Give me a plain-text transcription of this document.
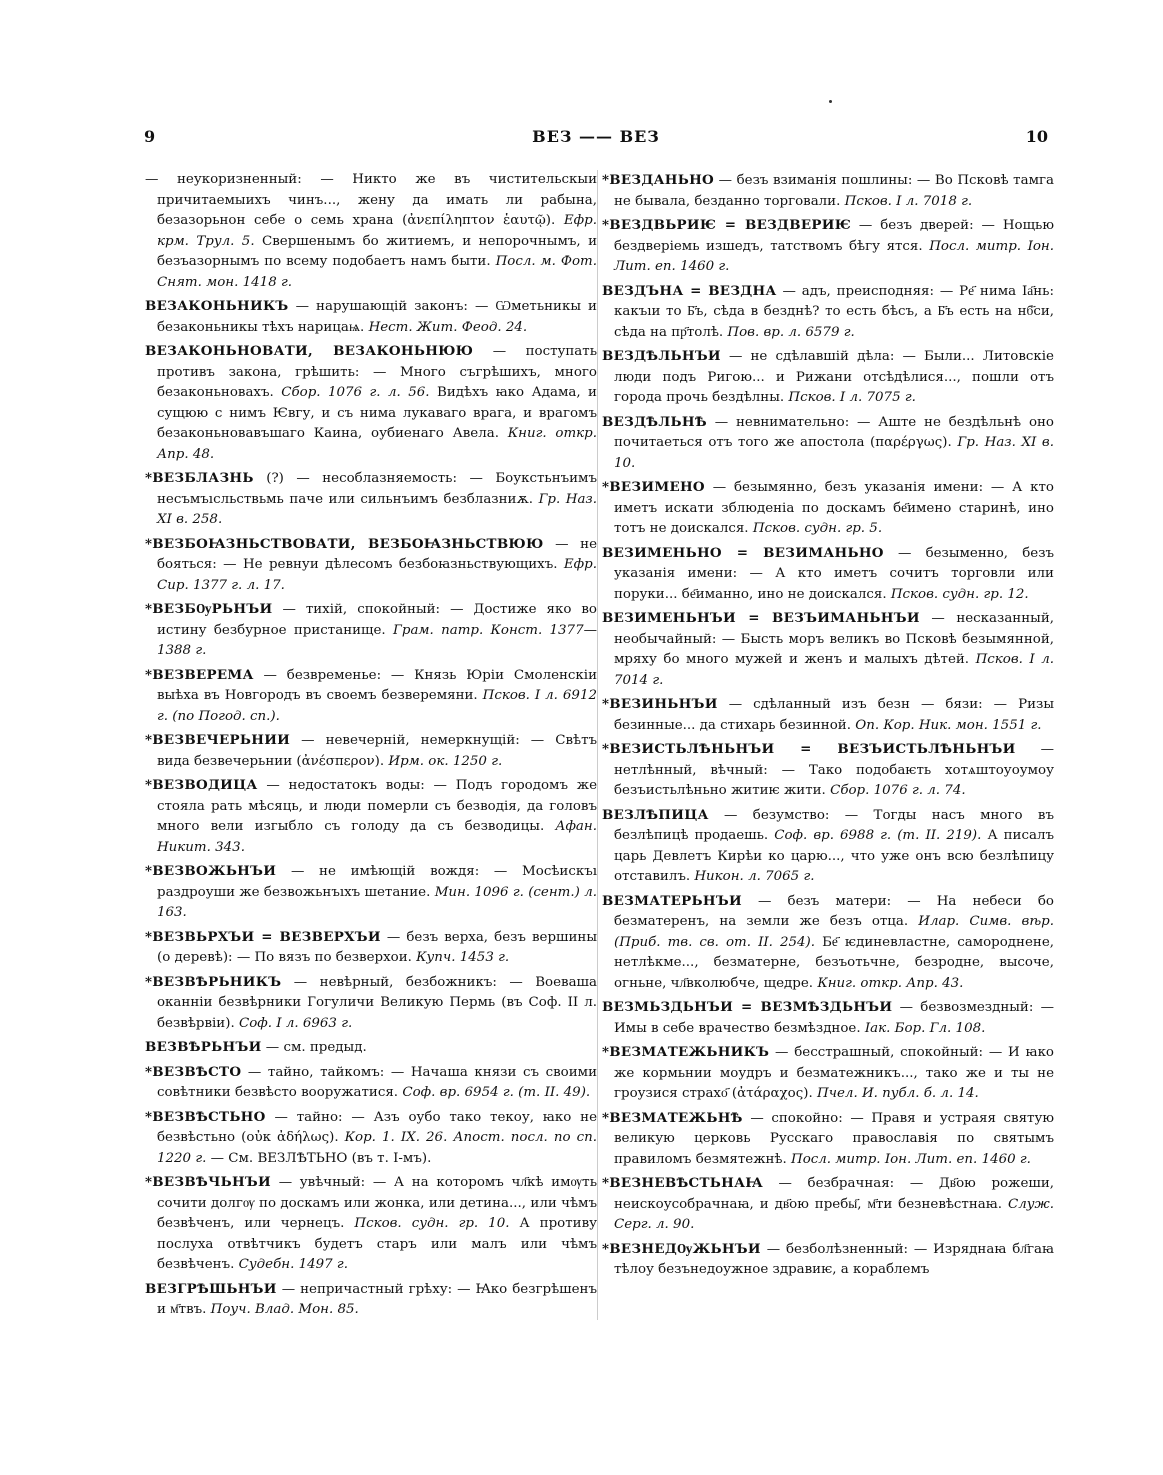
9	ВЕЗ —— ВЕЗ	10

— неукоризненный: — Никто же въ чистительскыи причитаемыихъ чинъ..., жену да имать ли рабына, безазорьнон себе о семь храна (ἀνεπίληπτον ἑαυτῷ). Ефр. крм. Трул. 5. Свершенымъ бо житиемъ, и непорочнымъ, и безъазорнымъ по всему подобаетъ намъ быти. Посл. м. Фот. Снят. мон. 1418 г.

ВЕЗАКОНЬНИКЪ — нарушающій законъ: — Ѡметьникы и безаконьникы тѣхъ нарицаѩ. Нест. Жит. Феод. 24.

ВЕЗАКОНЬНОВАТИ, ВЕЗАКОНЬНЮЮ — поступать противъ закона, грѣшить: — Много съгрѣшихъ, много безаконьновахъ. Сбор. 1076 г. л. 56. Видѣхъ ꙗко Адама, и сущюю с нимъ Ѥвгу, и съ нима лукаваго врага, и врагомъ безаконьновавъшаго Каина, оубиенаго Авела. Книг. откр. Апр. 48.

*ВЕЗБЛАЗНЬ (?) — несоблазняемость: — Боукстьнъимъ несъмъıсльствьмь паче или сильнъимъ безблазниѫ. Гр. Наз. XI в. 258.

*ВЕЗБОꙖЗНЬСТВОВАТИ, ВЕЗБОꙖЗНЬСТВЮЮ — не бояться: — Не ревнуи дѣлесомъ безбоꙗзньствующихъ. Ефр. Сир. 1377 г. л. 17.

*ВЕЗБѸРЬНЪИ — тихій, спокойный: — Достиже яко во истину безбурное пристанище. Грам. патр. Конст. 1377—1388 г.

*ВЕЗВЕРЕМА — безвременье: — Князь Юріи Смоленскіи выѣха въ Новгородъ въ своемъ безверемяни. Псков. I л. 6912 г. (по Погод. сп.).

*ВЕЗВЕЧЕРЬНИИ — невечерній, немеркнущій: — Свѣтъ вида безвечерьнии (ἀνέσπερον). Ирм. ок. 1250 г.

*ВЕЗВОДИЦА — недостатокъ воды: — Подъ городомъ же стояла рать мѣсяць, и люди померли съ безводія, да головъ много вели изгыбло съ голоду да съ безводицы. Афан. Никит. 343.

*ВЕЗВОЖЬНЪИ — не имѣющій вождя: — Мосѣискъı раздроуши же безвожьнъıхъ шетание. Мин. 1096 г. (сент.) л. 163.

*ВЕЗВЬРХЪИ = ВЕЗВЕРХЪИ — безъ верха, безъ вершины (о деревѣ): — По вязъ по безверхои. Купч. 1453 г.

*ВЕЗВѢРЬНИКЪ — невѣрный, безбожникъ: — Воеваша оканніи безвѣрники Гогуличи Великую Пермь (въ Соф. II л. безвѣрвіи). Соф. I л. 6963 г.

ВЕЗВѢРЬНЪИ — см. предыд.

*ВЕЗВѢСТО — тайно, тайкомъ: — Начаша князи съ своими совѣтники безвѣсто вооружатися. Соф. вр. 6954 г. (т. II. 49).

*ВЕЗВѢСТЬНО — тайно: — Азъ оубо тако текоу, ꙗко не безвѣстьно (οὐκ ἀδήλως). Кор. 1. IX. 26. Апост. посл. по сп. 1220 г. — См. ВЕЗЛѢТЬНО (въ т. I-мъ).

*ВЕЗВѢЧЬНЪИ — увѣчный: — А на которомъ чл҃кѣ имѹть сочити долгѹ по доскамъ или жонка, или детина..., или чѣмъ безвѣченъ, или чернецъ. Псков. судн. гр. 10. А противу послуха отвѣтчикъ будетъ старъ или малъ или чѣмъ безвѣченъ. Судебн. 1497 г.

ВЕЗГРѢШЬНЪИ — непричастный грѣху: — Ꙗко безгрѣшенъ и м҃твъ. Поуч. Влад. Мон. 85.

*ВЕЗДАНЬНО — безъ взиманія пошлины: — Во Псковѣ тамга не бывала, безданно торговали. Псков. I л. 7018 г.

*ВЕЗДВЬРИѤ = ВЕЗДВЕРИѤ — безъ дверей: — Нощью бездверіемь изшедъ, татствомъ бѣгу ятся. Посл. митр. Іон. Лит. еп. 1460 г.

ВЕЗДЪНА = ВЕЗДНА — адъ, преисподняя: — Ре҃ нима Іа҃нь: какъıи то Б҃ъ, сѣда в безднѣ? то есть бѣсъ, а Б҃ъ есть на нб҃си, сѣда на пр҃толѣ. Пов. вр. л. 6579 г.

ВЕЗДѢЛЬНЪИ — не сдѣлавшій дѣла: — Были... Литовскіе люди подъ Ригою... и Рижани отсѣдѣлися..., пошли отъ города прочь бездѣлны. Псков. I л. 7075 г.

ВЕЗДѢЛЬНѢ — невнимательно: — Аште не бездѣльнѣ оно почитаеться отъ того же апостола (παρέργως). Гр. Наз. XI в. 10.

*ВЕЗИМЕНО — безымянно, безъ указанія имени: — А кто иметъ искати зблюденіа по доскамъ бе҃имено старинѣ, ино тотъ не доискался. Псков. судн. гр. 5.

ВЕЗИМЕНЬНО = ВЕЗИМАНЬНО — безыменно, безъ указанія имени: — А кто иметъ сочитъ торговли или поруки... бе҃иманно, ино не доискался. Псков. судн. гр. 12.

ВЕЗИМЕНЬНЪИ = ВЕЗЪИМАНЬНЪИ — несказанный, необычайный: — Бысть моръ великъ во Псковѣ безымянной, мряху бо много мужей и женъ и малыхъ дѣтей. Псков. I л. 7014 г.

*ВЕЗИНЬНЪИ — сдѣланный изъ безн — бязи: — Ризы безинные... да стихарь безинной. Оп. Кор. Ник. мон. 1551 г.

*ВЕЗИСТЬЛѢНЬНЪИ = ВЕЗЪИСТЬЛѢНЬНЪИ — нетлѣнный, вѣчный: — Тако подобаѥть хотѧштоуоумоу безъистьлѣньно житиѥ жити. Сбор. 1076 г. л. 74.

ВЕЗЛѢПИЦА — безумство: — Тогды насъ много въ безлѣпицѣ продаешь. Соф. вр. 6988 г. (т. II. 219). А писалъ царь Девлетъ Кирѣи ко царю..., что уже онъ всю безлѣпицу отставилъ. Никон. л. 7065 г.

ВЕЗМАТЕРЬНЪИ — безъ матери: — На небеси бо безматеренъ, на земли же безъ отца. Илар. Симв. вѣр. (Приб. тв. св. от. II. 254). Бе҃ ѥдиневластне, самороднене, нетлѣкме..., безматерне, безъотьчне, безродне, высоче, огньне, чл҃вколюбче, щедре. Книг. откр. Апр. 43.

ВЕЗМЬЗДЬНЪИ = ВЕЗМѢЗДЬНЪИ — безвозмездный: — Имы в себе врачество безмѣздное. Іак. Бор. Гл. 108.

*ВЕЗМАТЕЖЬНИКЪ — бесстрашный, спокойный: — И ꙗко же кормьнии моудръ и безматежникъ..., тако же и ты не гроузися страхо҃ (ἀτάραχος). Пчел. И. публ. б. л. 14.

*ВЕЗМАТЕЖЬНѢ — спокойно: — Правя и устраяя святую великую церковь Русскаго православія по святымъ правиломъ безмятежнѣ. Посл. митр. Іон. Лит. еп. 1460 г.

*ВЕЗНЕВѢСТЬНАꙖ — безбрачная: — Дв҃ою рожеши, неискоусобрачнаꙗ, и дв҃ою пребы҃, м҃ти безневѣстнаꙗ. Служ. Серг. л. 90.

*ВЕЗНЕДѸЖЬНЪИ — безболѣзненный: — Изряднаꙗ бл҃гаꙗ тѣлоу безънедоужное здравиѥ, а кораблемъ
